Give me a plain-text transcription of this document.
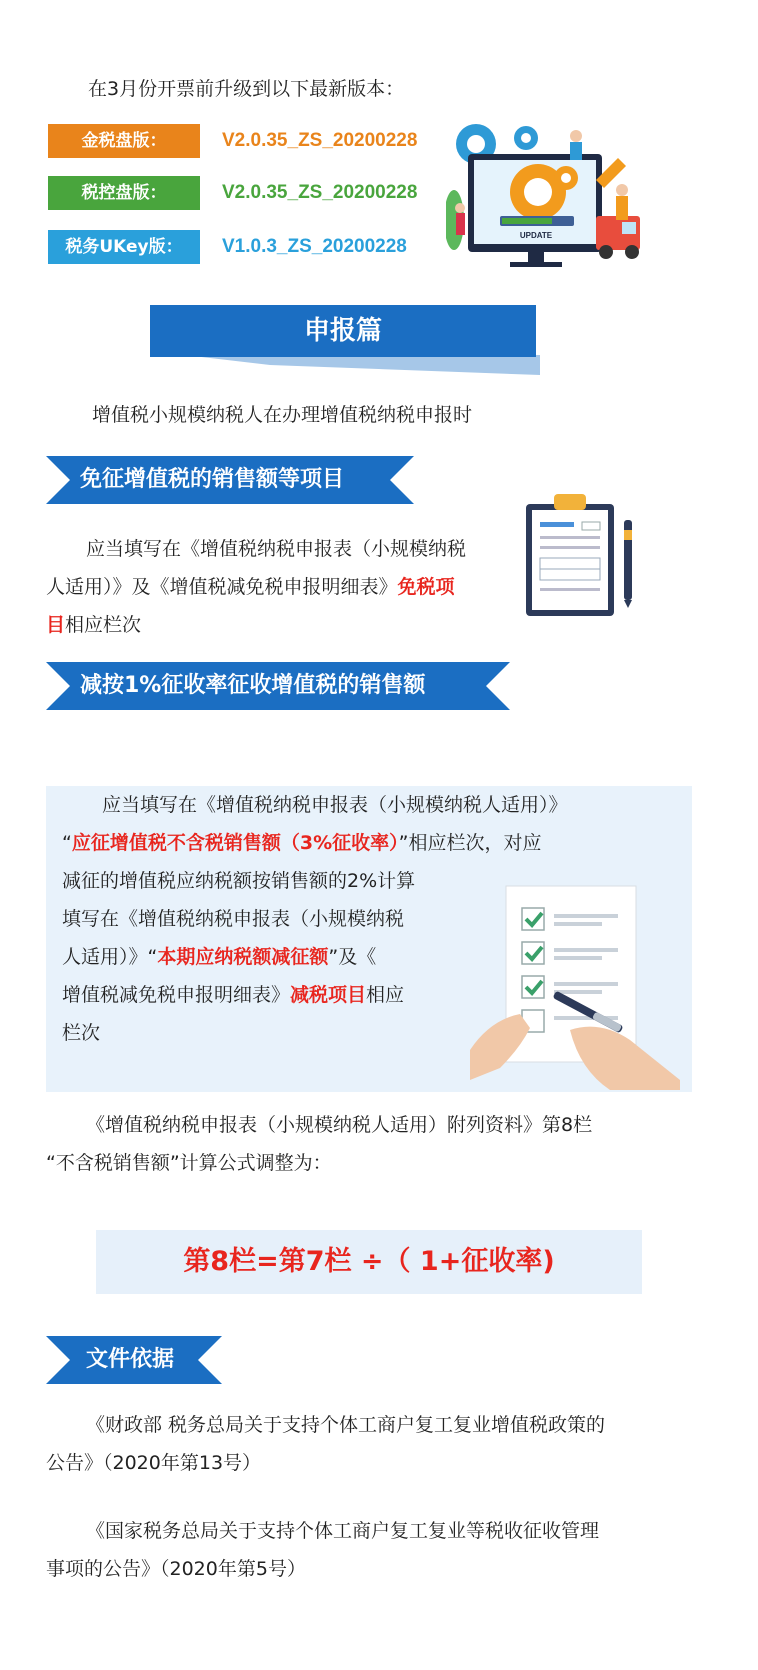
在3月份开票前升级到以下最新版本：
金税盘版：	V2.0.35_ZS_20200228
税控盘版：	V2.0.35_ZS_20200228
税务UKey版：	V1.0.3_ZS_20200228
UPDATE
申报篇
增值税小规模纳税人在办理增值税纳税申报时
免征增值税的销售额等项目
应当填写在《增值税纳税申报表（小规模纳税
人适用）》及《增值税减免税申报明细表》免税项
目相应栏次
减按1%征收率征收增值税的销售额
应当填写在《增值税纳税申报表（小规模纳税人适用）》
“应征增值税不含税销售额（3%征收率）”相应栏次，对应
减征的增值税应纳税额按销售额的2%计算
填写在《增值税纳税申报表（小规模纳税
人适用）》“本期应纳税额减征额”及《
增值税减免税申报明细表》减税项目相应
栏次
《增值税纳税申报表（小规模纳税人适用）附列资料》第8栏
“不含税销售额”计算公式调整为：
第8栏=第7栏 ÷（ 1+征收率)
文件依据
《财政部 税务总局关于支持个体工商户复工复业增值税政策的
公告》（2020年第13号）
《国家税务总局关于支持个体工商户复工复业等税收征收管理
事项的公告》（2020年第5号）
